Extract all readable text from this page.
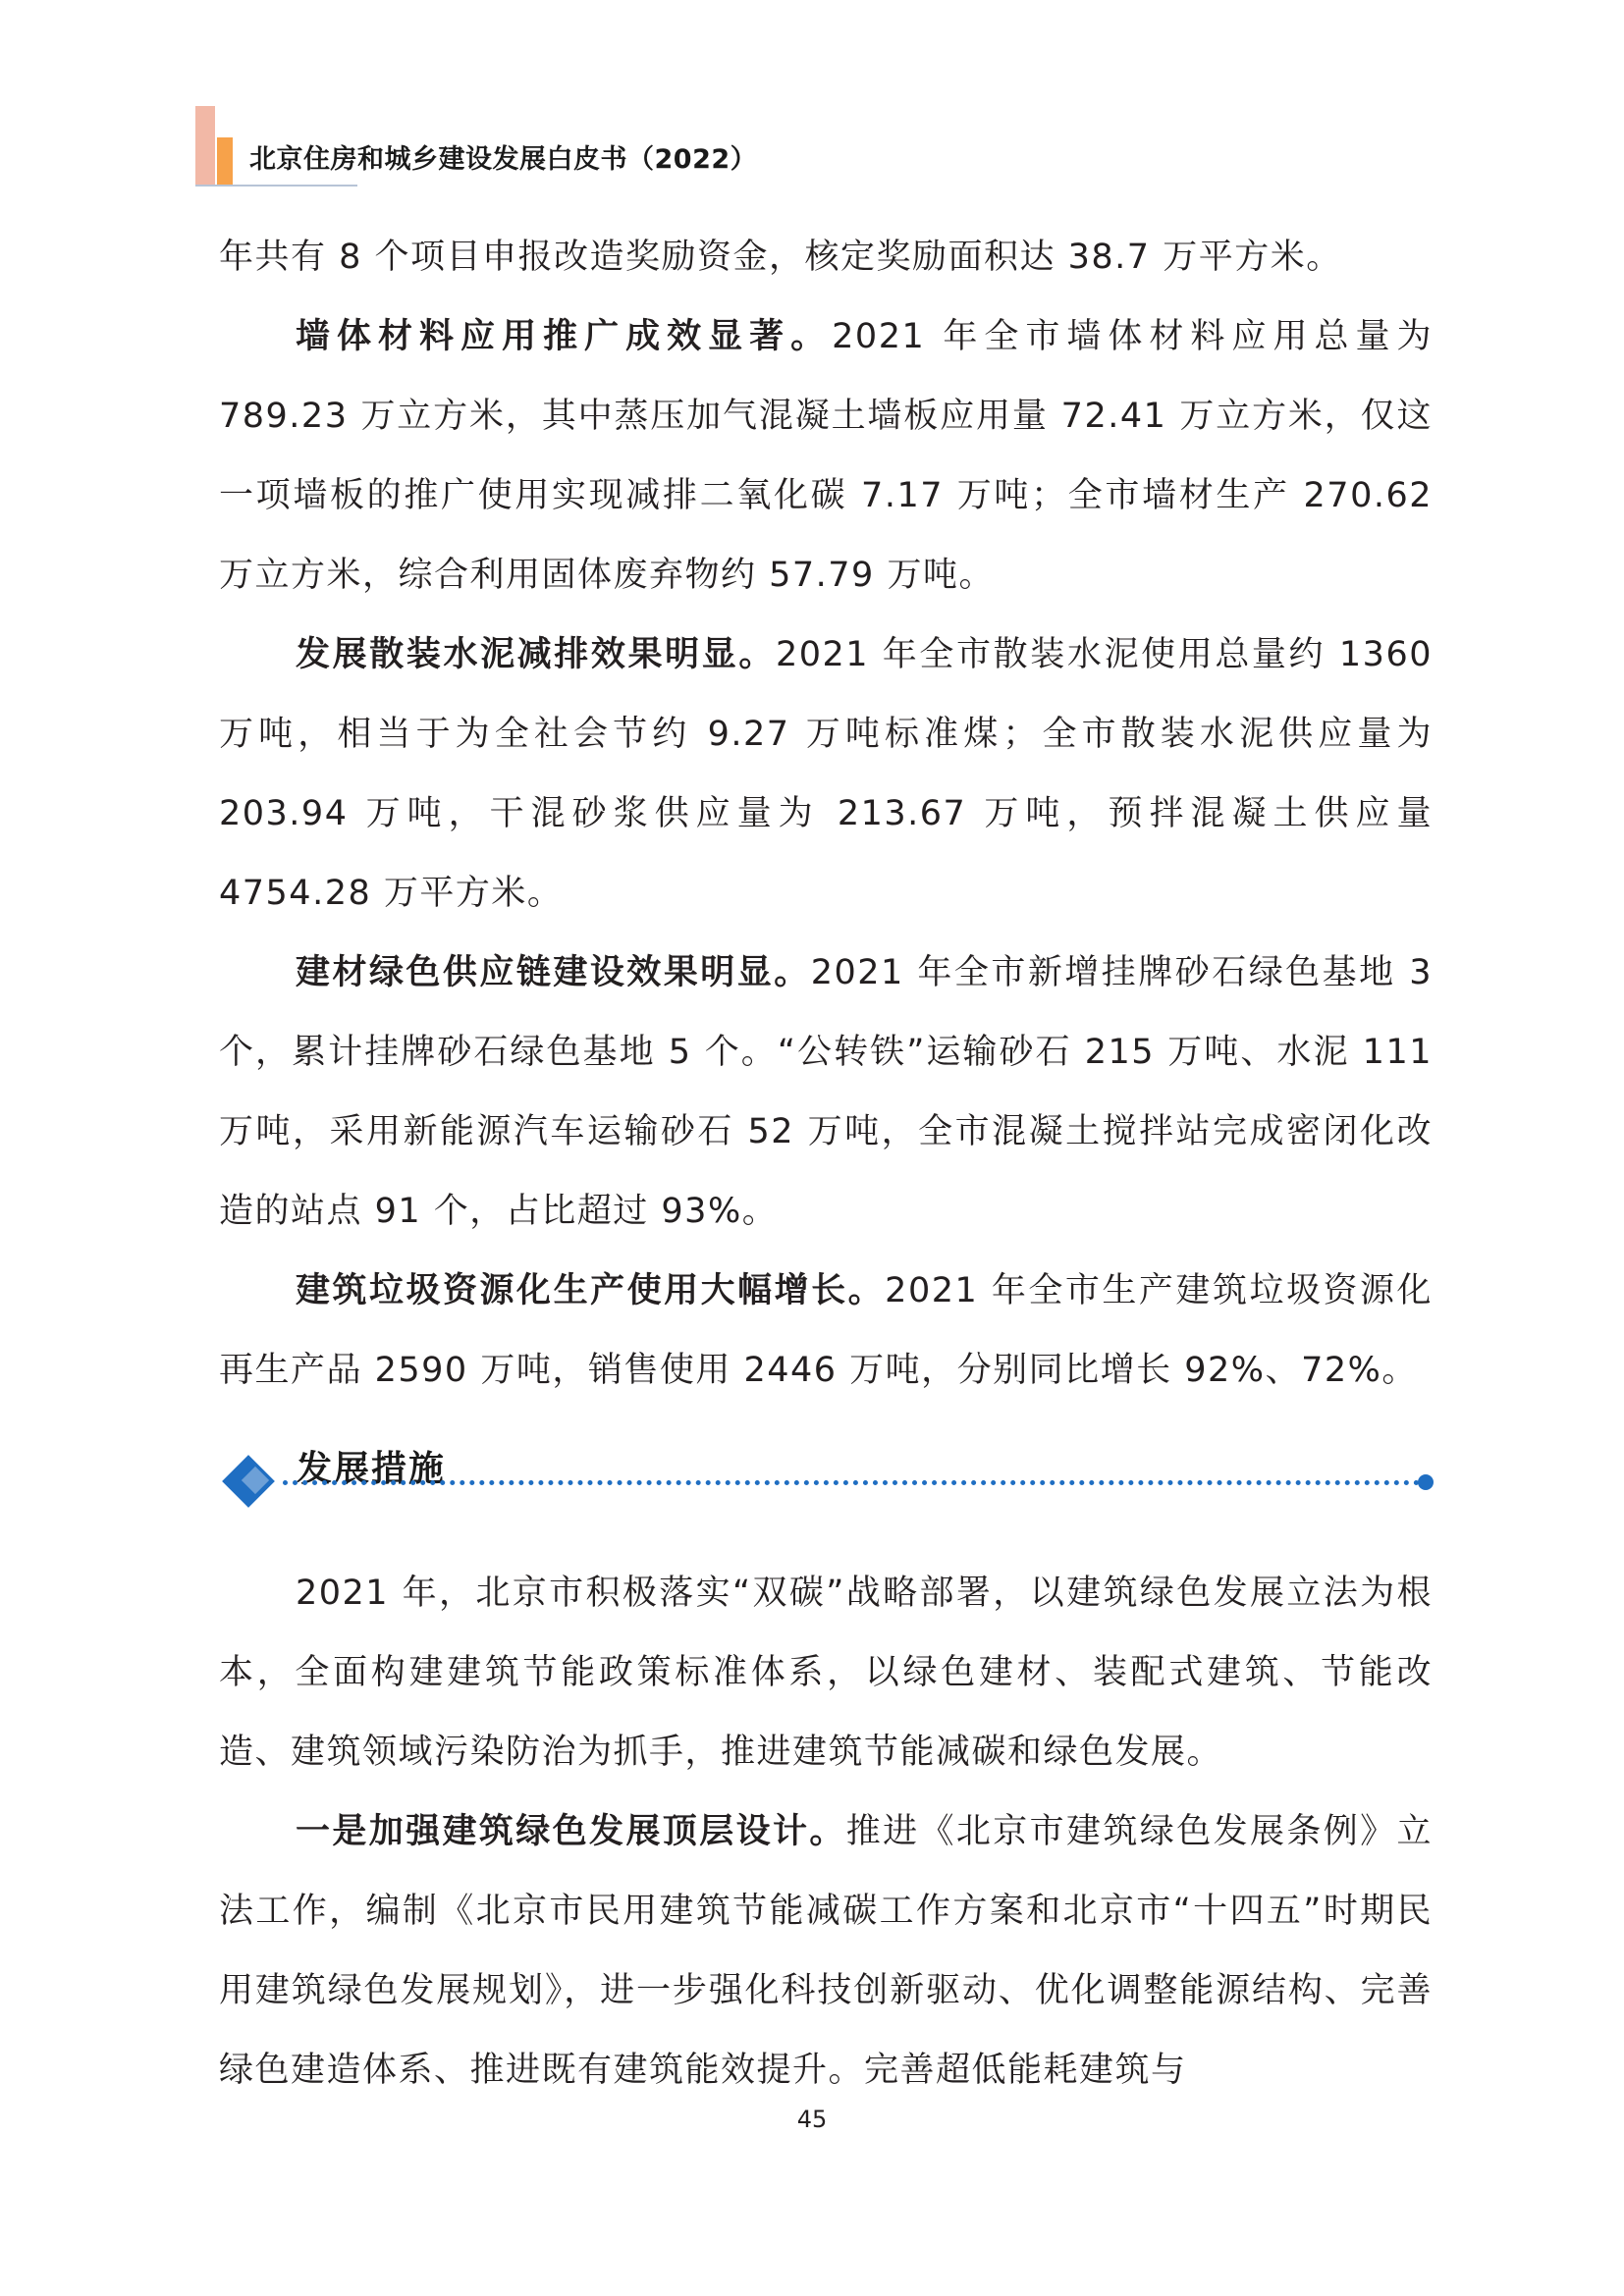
北京住房和城乡建设发展白皮书（2022）

年共有 8 个项目申报改造奖励资金，核定奖励面积达 38.7 万平方米。

墙体材料应用推广成效显著。2021 年全市墙体材料应用总量为 789.23 万立方米，其中蒸压加气混凝土墙板应用量 72.41 万立方米，仅这一项墙板的推广使用实现减排二氧化碳 7.17 万吨；全市墙材生产 270.62 万立方米，综合利用固体废弃物约 57.79 万吨。

发展散装水泥减排效果明显。2021 年全市散装水泥使用总量约 1360 万吨，相当于为全社会节约 9.27 万吨标准煤；全市散装水泥供应量为 203.94 万吨，干混砂浆供应量为 213.67 万吨，预拌混凝土供应量 4754.28 万平方米。

建材绿色供应链建设效果明显。2021 年全市新增挂牌砂石绿色基地 3 个，累计挂牌砂石绿色基地 5 个。“公转铁”运输砂石 215 万吨、水泥 111 万吨，采用新能源汽车运输砂石 52 万吨，全市混凝土搅拌站完成密闭化改造的站点 91 个，占比超过 93%。

建筑垃圾资源化生产使用大幅增长。2021 年全市生产建筑垃圾资源化再生产品 2590 万吨，销售使用 2446 万吨，分别同比增长 92%、72%。

发展措施

2021 年，北京市积极落实“双碳”战略部署，以建筑绿色发展立法为根本，全面构建建筑节能政策标准体系，以绿色建材、装配式建筑、节能改造、建筑领域污染防治为抓手，推进建筑节能减碳和绿色发展。

一是加强建筑绿色发展顶层设计。推进《北京市建筑绿色发展条例》立法工作，编制《北京市民用建筑节能减碳工作方案和北京市“十四五”时期民用建筑绿色发展规划》，进一步强化科技创新驱动、优化调整能源结构、完善绿色建造体系、推进既有建筑能效提升。完善超低能耗建筑与

45
